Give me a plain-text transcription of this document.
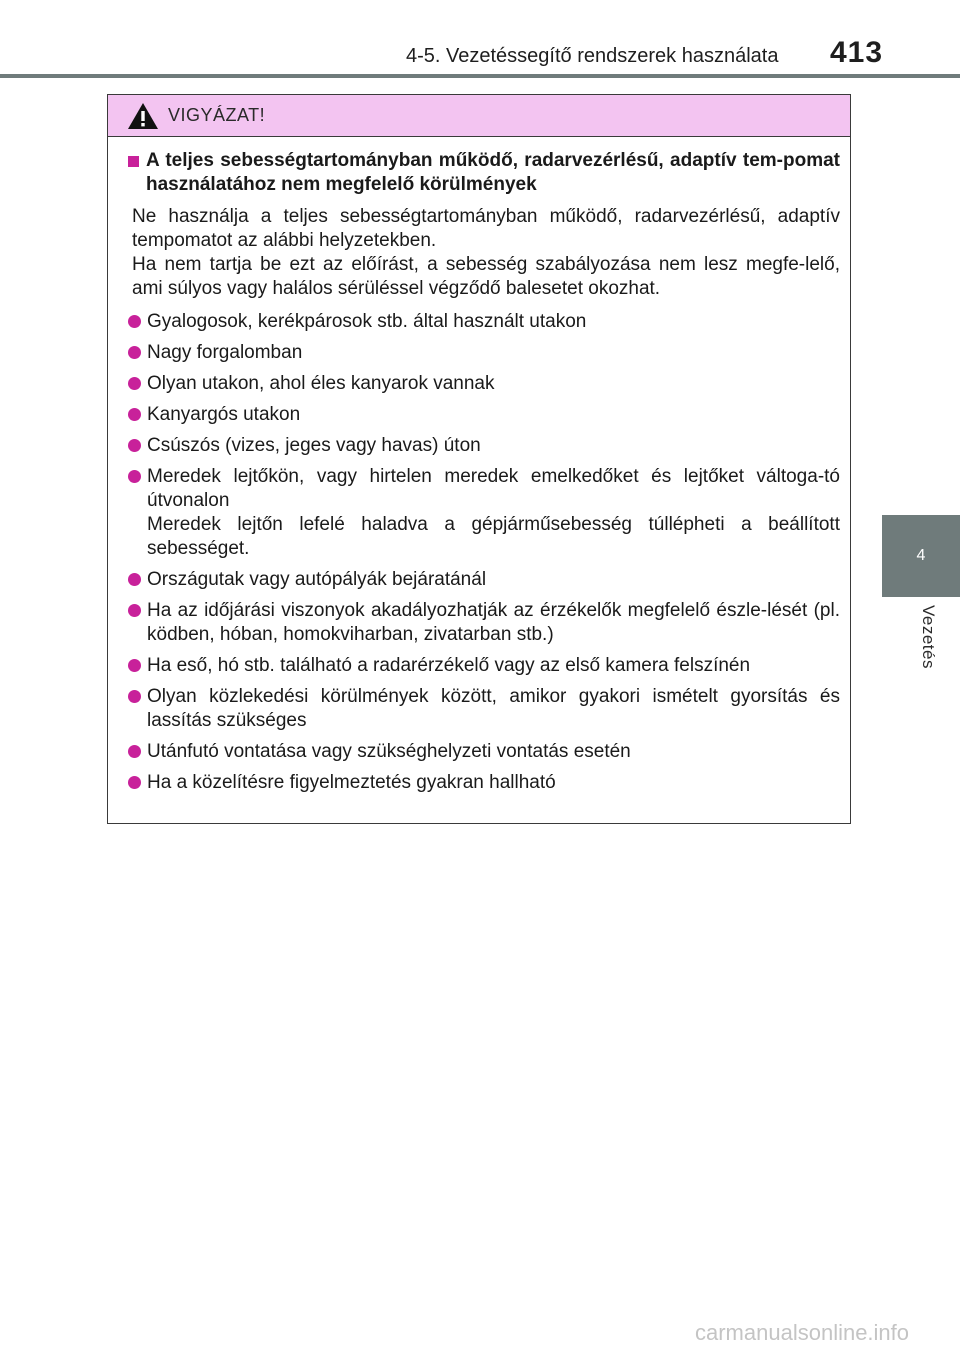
4-5. Vezetéssegítő rendszerek használata 413
4
Vezetés
VIGYÁZAT!
A teljes sebességtartományban működő, radarvezérlésű, adaptív tem-pomat használatához nem megfelelő körülmények

Ne használja a teljes sebességtartományban működő, radarvezérlésű, adaptív tempomatot az alábbi helyzetekben.

Ha nem tartja be ezt az előírást, a sebesség szabályozása nem lesz megfe-lelő, ami súlyos vagy halálos sérüléssel végződő balesetet okozhat.

Gyalogosok, kerékpárosok stb. által használt utakon
Nagy forgalomban
Olyan utakon, ahol éles kanyarok vannak
Kanyargós utakon
Csúszós (vizes, jeges vagy havas) úton
Meredek lejtőkön, vagy hirtelen meredek emelkedőket és lejtőket váltoga-tó útvonalon
Meredek lejtőn lefelé haladva a gépjárműsebesség túllépheti a beállított sebességet.
Országutak vagy autópályák bejáratánál
Ha az időjárási viszonyok akadályozhatják az érzékelők megfelelő észle-lését (pl. ködben, hóban, homokviharban, zivatarban stb.)
Ha eső, hó stb. található a radarérzékelő vagy az első kamera felszínén
Olyan közlekedési körülmények között, amikor gyakori ismételt gyorsítás és lassítás szükséges
Utánfutó vontatása vagy szükséghelyzeti vontatás esetén
Ha a közelítésre figyelmeztetés gyakran hallható
carmanualsonline.info
